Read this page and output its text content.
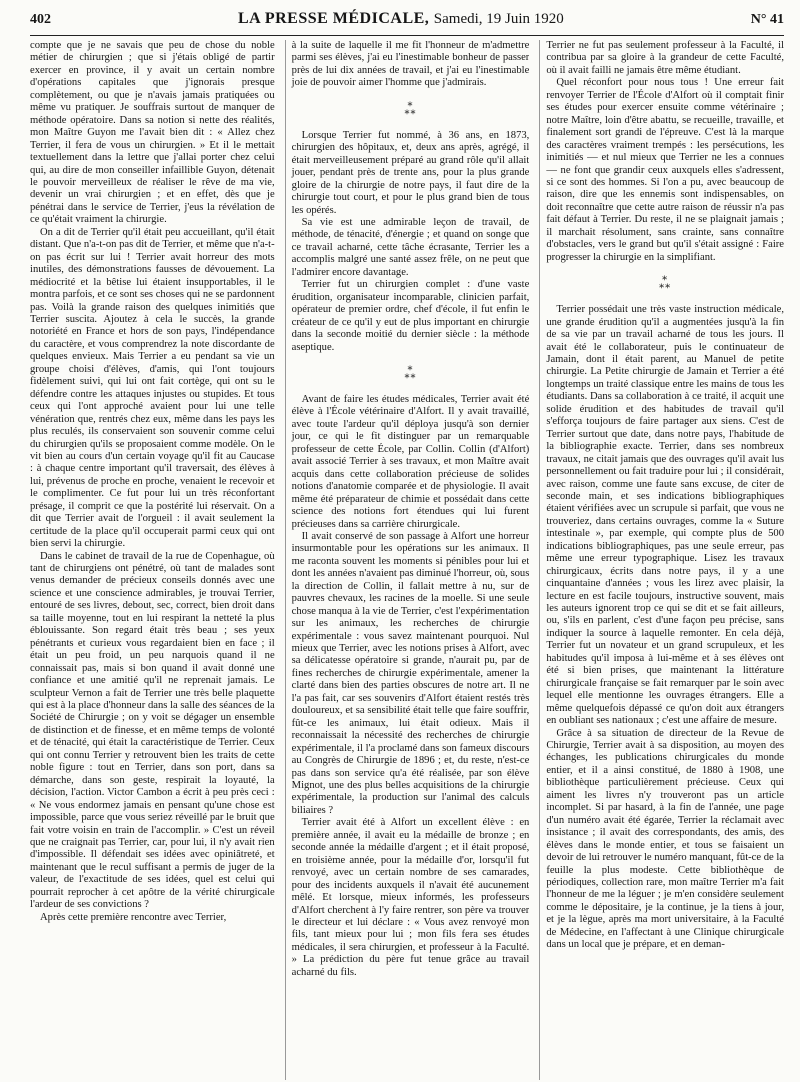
402	LA PRESSE MÉDICALE, Samedi, 19 Juin 1920	N° 41

compte que je ne savais que peu de chose du noble métier de chirurgien ; que si j'étais obligé de partir exercer en province, il y avait un certain nombre d'opérations capitales que j'ignorais presque complètement, ou que je n'avais jamais pratiquées ou même vu pratiquer. Je souffrais surtout de manquer de méthode opératoire. Dans sa notion si nette des réalités, mon Maître Guyon me l'avait bien dit : « Allez chez Terrier, il fera de vous un chirurgien. » Et il le mettait textuellement dans la lettre que j'allai porter chez celui qui, au dire de mon conseiller infaillible Guyon, détenait le pouvoir merveilleux de réaliser le rêve de ma vie, devenir un vrai chirurgien ; et en effet, dès que je pénétrai dans le service de Terrier, j'eus la révélation de ce qu'était vraiment la chirurgie.

On a dit de Terrier qu'il était peu accueillant, qu'il était distant. Que n'a-t-on pas dit de Terrier, et même que n'a-t-on pas écrit sur lui ! Terrier avait horreur des mots inutiles, des démonstrations fausses de dévouement. La médiocrité et la bêtise lui étaient insupportables, il le montra parfois, et ce sont ses choses qui ne se pardonnent pas. Voilà la grande raison des quelques inimitiés que Terrier suscita. Ajoutez à cela le succès, la grande notoriété en France et hors de son pays, l'indépendance du caractère, et vous comprendrez la note discordante de quelques envieux. Mais Terrier a eu pendant sa vie un groupe choisi d'élèves, d'amis, qui l'ont toujours fidèlement suivi, qui lui ont fait cortège, qui ont su le défendre contre les attaques injustes ou stupides. Et tous ceux qui l'ont approché avaient pour lui une telle vénération que, rentrés chez eux, même dans les pays les plus reculés, ils conservaient son souvenir comme celui du chirurgien qu'ils se proposaient comme modèle. On le vit bien au cours d'un certain voyage qu'il fit au Caucase : à chaque centre important qu'il traversait, des élèves à lui, prévenus de proche en proche, venaient le recevoir et le complimenter. Ce fut pour lui un très réconfortant présage, il comprit ce que la postérité lui réservait. On a dit que Terrier avait de l'orgueil : il avait seulement la certitude de la place qu'il occuperait parmi ceux qui ont bien servi la chirurgie.

Dans le cabinet de travail de la rue de Copenhague, où tant de chirurgiens ont pénétré, où tant de malades sont venus demander de précieux conseils donnés avec une science et une conscience admirables, je trouvai Terrier, entouré de ses livres, debout, sec, correct, bien droit dans sa taille moyenne, tout en lui respirant la netteté la plus éblouissante. Son regard était très beau ; ses yeux pénétrants et curieux vous regardaient bien en face ; il était un peu froid, un peu narquois quand il ne connaissait pas, mais si bon quand il avait donné une confiance et une amitié qu'il ne reprenait jamais. Le sculpteur Vernon a fait de Terrier une très belle plaquette qui est à la place d'honneur dans la salle des séances de la Société de Chirurgie ; on y voit se dégager un ensemble de distinction et de finesse, et en même temps de volonté et de ténacité, qui était la caractéristique de Terrier. Ceux qui ont connu Terrier y retrouvent bien les traits de cette noble figure : tout en Terrier, dans son port, dans sa démarche, dans son geste, respirait la loyauté, la décision, l'action. Victor Cambon a écrit à peu près ceci : « Ne vous endormez jamais en pensant qu'une chose est impossible, parce que vous seriez réveillé par le bruit que fait votre voisin en train de l'accomplir. » C'est un réveil que ne craignait pas Terrier, car, pour lui, il n'y avait rien d'impossible. Il défendait ses idées avec opiniâtreté, et maintenant que le recul suffisant a permis de juger de la valeur, de l'exactitude de ses idées, quel est celui qui pourrait reprocher à cet apôtre de la vérité chirurgicale l'ardeur de ses convictions ?

Après cette première rencontre avec Terrier,

à la suite de laquelle il me fit l'honneur de m'admettre parmi ses élèves, j'ai eu l'inestimable bonheur de passer près de lui dix années de travail, et j'ai eu l'inestimable joie de pouvoir aimer l'homme que j'admirais.

*
**

Lorsque Terrier fut nommé, à 36 ans, en 1873, chirurgien des hôpitaux, et, deux ans après, agrégé, il était merveilleusement préparé au grand rôle qu'il allait jouer, pendant près de trente ans, pour la plus grande gloire de la chirurgie de notre pays, il faut dire de la chirurgie tout court, et pour le plus grand bien de tous les opérés.

Sa vie est une admirable leçon de travail, de méthode, de ténacité, d'énergie ; et quand on songe que ce travail acharné, cette tâche écrasante, Terrier les a accomplis malgré une santé assez frêle, on ne peut que l'admirer encore davantage.

Terrier fut un chirurgien complet : d'une vaste érudition, organisateur incomparable, clinicien parfait, opérateur de premier ordre, chef d'école, il fut enfin le créateur de ce qu'il y eut de plus important en chirurgie dans la seconde moitié du dernier siècle : la méthode aseptique.

*
**

Avant de faire les études médicales, Terrier avait été élève à l'École vétérinaire d'Alfort. Il y avait travaillé, avec toute l'ardeur qu'il déploya jusqu'à son dernier jour, ce qui le fit distinguer par un remarquable professeur de cette École, par Collin. Collin (d'Alfort) avait associé Terrier à ses travaux, et mon Maître avait acquis dans cette collaboration précieuse de solides notions d'anatomie comparée et de physiologie. Il avait même été préparateur de chimie et possédait dans cette science des notions fort étendues qui lui furent précieuses dans sa carrière chirurgicale.

Il avait conservé de son passage à Alfort une horreur insurmontable pour les opérations sur les animaux. Il me raconta souvent les moments si pénibles pour lui et dont les années n'avaient pas diminué l'horreur, où, sous la direction de Collin, il fallait mettre à nu, sur de pauvres chevaux, les racines de la moelle. Si une seule chose manqua à la vie de Terrier, c'est l'expérimentation sur les animaux, les recherches de chirurgie expérimentale : vous savez maintenant pourquoi. Nul mieux que Terrier, avec les notions prises à Alfort, avec sa délicatesse opératoire si grande, n'aurait pu, par de fines recherches de chirurgie expérimentale, amener la clarté dans bien des parties obscures de notre art. Il ne l'a pas fait, car ses souvenirs d'Alfort étaient restés très douloureux, et sa sensibilité était telle que faire souffrir, fût-ce les animaux, lui était odieux. Mais il reconnaissait la nécessité des recherches de chirurgie expérimentale, il l'a proclamé dans son fameux discours au Congrès de Chirurgie de 1896 ; et, du reste, n'est-ce pas dans son service qu'a été réalisée, par son élève Mignot, une des plus belles acquisitions de la chirurgie expérimentale, la production sur l'animal des calculs biliaires ?

Terrier avait été à Alfort un excellent élève : en première année, il avait eu la médaille de bronze ; en seconde année la médaille d'argent ; et il était proposé, en troisième année, pour la médaille d'or, lorsqu'il fut renvoyé, avec un certain nombre de ses camarades, pour des incidents auxquels il n'avait été aucunement mêlé. Et lorsque, mieux informés, les professeurs d'Alfort cherchent à l'y faire rentrer, son père va trouver le directeur et lui déclare : « Vous avez renvoyé mon fils, tant mieux pour lui ; mon fils fera ses études médicales, il sera chirurgien, et professeur à la Faculté. » La prédiction du père fut tenue grâce au travail acharné du fils.

Terrier ne fut pas seulement professeur à la Faculté, il contribua par sa gloire à la grandeur de cette Faculté, où il avait failli ne jamais être même étudiant.

Quel réconfort pour nous tous ! Une erreur fait renvoyer Terrier de l'École d'Alfort où il comptait finir ses études pour exercer ensuite comme vétérinaire ; notre Maître, loin d'être abattu, se recueille, travaille, et finalement sort grandi de l'épreuve. C'est là la marque des caractères vraiment trempés : les persécutions, les inimitiés — et nul mieux que Terrier ne les a connues — ne font que grandir ceux auxquels elles s'adressent, si ce sont des hommes. Si l'on a pu, avec beaucoup de raison, dire que les ennemis sont indispensables, on doit reconnaître que cette autre raison de réussir n'a pas fait défaut à Terrier. Du reste, il ne se plaignait jamais ; il marchait résolument, sans crainte, sans connaître d'obstacles, vers le grand but qu'il s'était assigné : Faire progresser la chirurgie en la simplifiant.

*
**

Terrier possédait une très vaste instruction médicale, une grande érudition qu'il a augmentées jusqu'à la fin de sa vie par un travail acharné de tous les jours. Il avait été le collaborateur, puis le continuateur de Jamain, dont il était parent, au Manuel de petite chirurgie. La Petite chirurgie de Jamain et Terrier a été longtemps un traité classique entre les mains de tous les étudiants. Dans sa collaboration à ce traité, il acquit une solide érudition et des habitudes de travail qu'il s'efforça toujours de faire partager aux siens. C'est de Terrier surtout que date, dans notre pays, l'habitude de la bibliographie exacte. Terrier, dans ses nombreux travaux, ne citait jamais que des ouvrages qu'il avait lus personnellement ou fait traduire pour lui ; il considérait, avec raison, comme une faute sans excuse, de citer de seconde main, et ses indications bibliographiques étaient vérifiées avec un scrupule si parfait, que vous ne trouveriez, dans certains ouvrages, comme la « Suture intestinale », par exemple, qui compte plus de 500 indications bibliographiques, pas une seule erreur, pas même une erreur typographique. Lisez les travaux chirurgicaux, écrits dans notre pays, il y a une cinquantaine d'années ; vous les lirez avec plaisir, la lecture en est facile toujours, instructive souvent, mais les auteurs ignorent trop ce qui se dit et se fait ailleurs, ou, s'ils en parlent, c'est d'une façon peu précise, sans indiquer la source à laquelle remonter. En cela déjà, Terrier fut un novateur et un grand scrupuleux, et les habitudes qu'il imposa à lui-même et à ses élèves ont été si bien prises, que maintenant la littérature chirurgicale française se fait remarquer par le soin avec lequel elle mentionne les ouvrages étrangers. Elle a même quelquefois dépassé ce qu'on doit aux étrangers en oubliant ses nationaux ; c'est une affaire de mesure.

Grâce à sa situation de directeur de la Revue de Chirurgie, Terrier avait à sa disposition, au moyen des échanges, les publications chirurgicales du monde entier, et il a ainsi constitué, de 1880 à 1908, une bibliothèque particulièrement précieuse. Ceux qui aiment les livres n'y trouveront pas un article incomplet. Si par hasard, à la fin de l'année, une page d'un numéro avait été égarée, Terrier la réclamait avec insistance ; il avait des correspondants, des amis, des élèves dans le monde entier, et tous se faisaient un devoir de lui retrouver le numéro manquant, fût-ce de la feuille la plus modeste. Cette bibliothèque de périodiques, collection rare, mon maître Terrier m'a fait l'honneur de me la léguer ; je m'en considère seulement comme le dépositaire, je la continue, je la tiens à jour, et je la lègue, après ma mort universitaire, à la Faculté de Médecine, en l'affectant à une Clinique chirurgicale dans un local que je prépare, et en deman-
